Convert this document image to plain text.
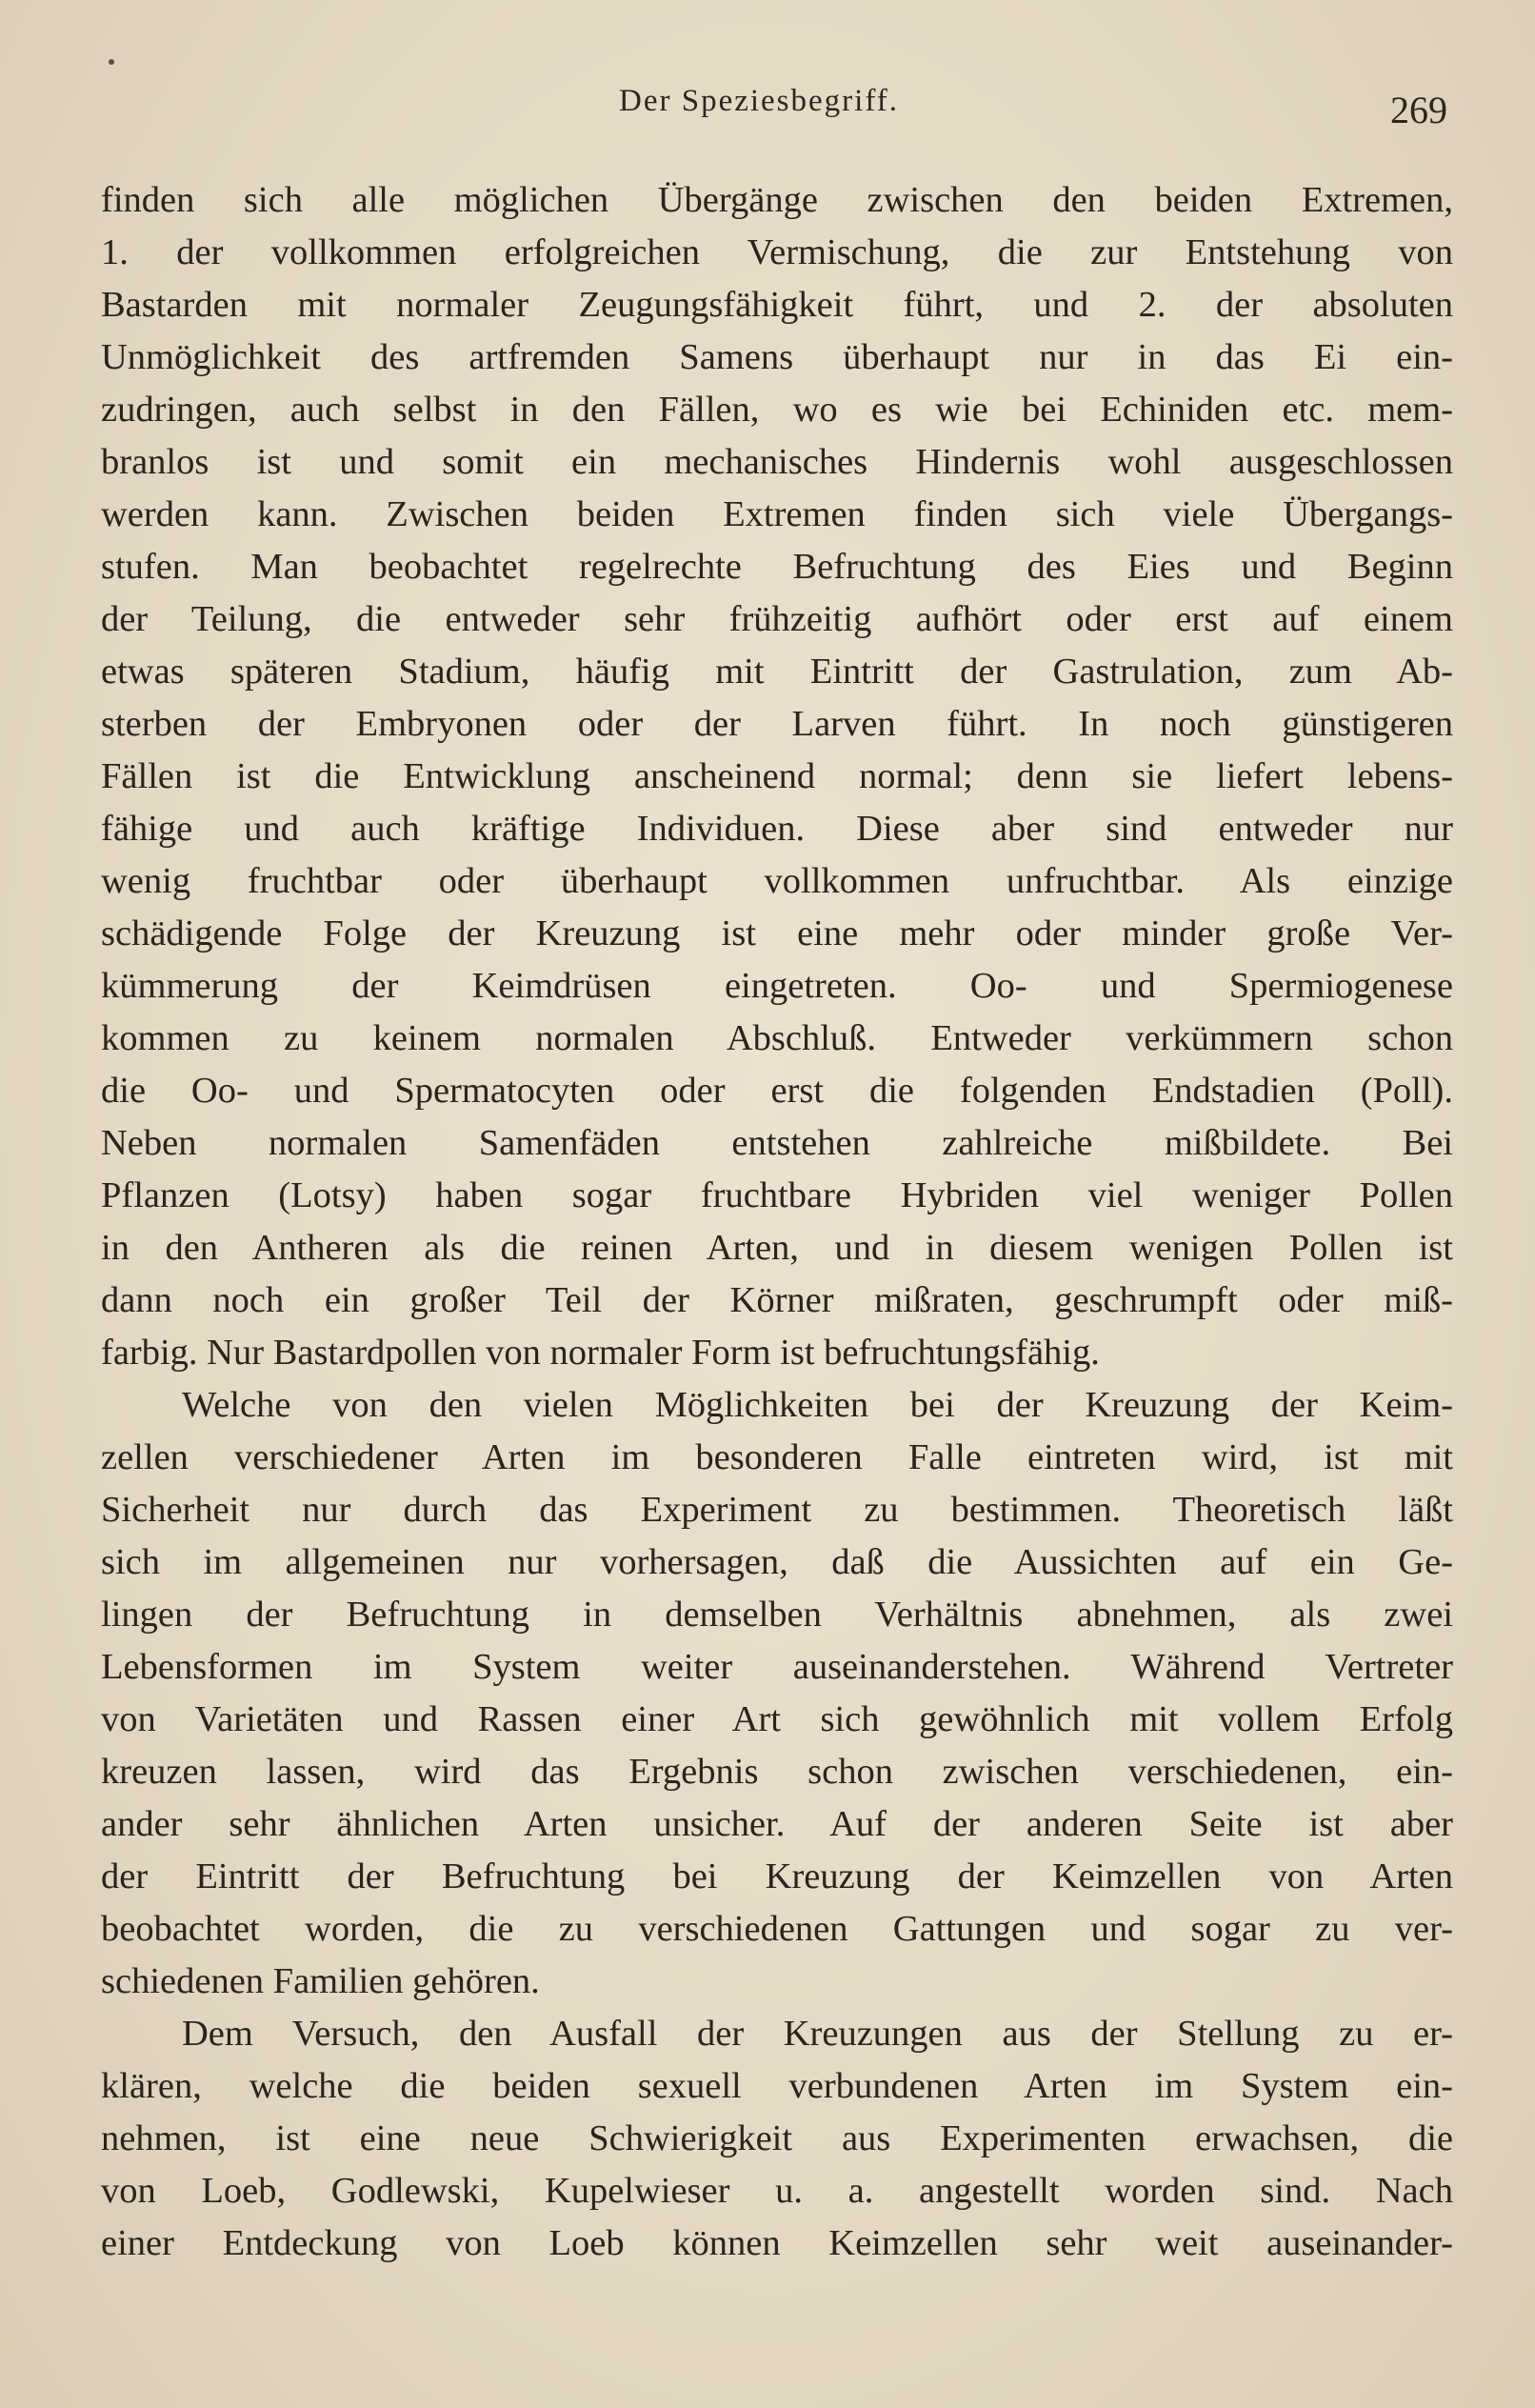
Der Speziesbegriff.	269
finden sich alle möglichen Übergänge zwischen den beiden Extremen,
1. der vollkommen erfolgreichen Vermischung, die zur Entstehung von
Bastarden mit normaler Zeugungsfähigkeit führt, und 2. der absoluten
Unmöglichkeit des artfremden Samens überhaupt nur in das Ei ein-
zudringen, auch selbst in den Fällen, wo es wie bei Echiniden etc. mem-
branlos ist und somit ein mechanisches Hindernis wohl ausgeschlossen
werden kann. Zwischen beiden Extremen finden sich viele Übergangs-
stufen. Man beobachtet regelrechte Befruchtung des Eies und Beginn
der Teilung, die entweder sehr frühzeitig aufhört oder erst auf einem
etwas späteren Stadium, häufig mit Eintritt der Gastrulation, zum Ab-
sterben der Embryonen oder der Larven führt. In noch günstigeren
Fällen ist die Entwicklung anscheinend normal; denn sie liefert lebens-
fähige und auch kräftige Individuen. Diese aber sind entweder nur
wenig fruchtbar oder überhaupt vollkommen unfruchtbar. Als einzige
schädigende Folge der Kreuzung ist eine mehr oder minder große Ver-
kümmerung der Keimdrüsen eingetreten. Oo- und Spermiogenese
kommen zu keinem normalen Abschluß. Entweder verkümmern schon
die Oo- und Spermatocyten oder erst die folgenden Endstadien (Poll).
Neben normalen Samenfäden entstehen zahlreiche mißbildete. Bei
Pflanzen (Lotsy) haben sogar fruchtbare Hybriden viel weniger Pollen
in den Antheren als die reinen Arten, und in diesem wenigen Pollen ist
dann noch ein großer Teil der Körner mißraten, geschrumpft oder miß-
farbig. Nur Bastardpollen von normaler Form ist befruchtungsfähig.
Welche von den vielen Möglichkeiten bei der Kreuzung der Keim-
zellen verschiedener Arten im besonderen Falle eintreten wird, ist mit
Sicherheit nur durch das Experiment zu bestimmen. Theoretisch läßt
sich im allgemeinen nur vorhersagen, daß die Aussichten auf ein Ge-
lingen der Befruchtung in demselben Verhältnis abnehmen, als zwei
Lebensformen im System weiter auseinanderstehen. Während Vertreter
von Varietäten und Rassen einer Art sich gewöhnlich mit vollem Erfolg
kreuzen lassen, wird das Ergebnis schon zwischen verschiedenen, ein-
ander sehr ähnlichen Arten unsicher. Auf der anderen Seite ist aber
der Eintritt der Befruchtung bei Kreuzung der Keimzellen von Arten
beobachtet worden, die zu verschiedenen Gattungen und sogar zu ver-
schiedenen Familien gehören.
Dem Versuch, den Ausfall der Kreuzungen aus der Stellung zu er-
klären, welche die beiden sexuell verbundenen Arten im System ein-
nehmen, ist eine neue Schwierigkeit aus Experimenten erwachsen, die
von Loeb, Godlewski, Kupelwieser u. a. angestellt worden sind. Nach
einer Entdeckung von Loeb können Keimzellen sehr weit auseinander-
